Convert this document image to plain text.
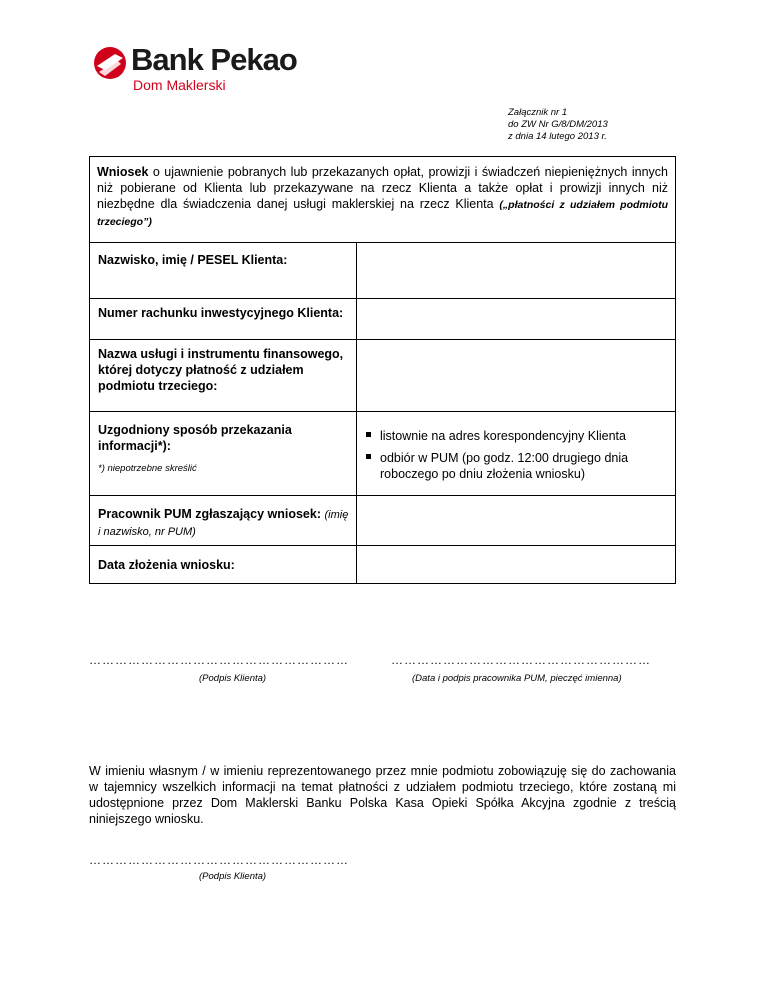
Bank Pekao
Dom Maklerski
Załącznik nr 1
do ZW Nr G/8/DM/2013
z dnia 14 lutego 2013 r.
Wniosek o ujawnienie pobranych lub przekazanych opłat, prowizji i świadczeń niepieniężnych innych niż pobierane od Klienta lub przekazywane na rzecz Klienta a także opłat i prowizji innych niż niezbędne dla świadczenia danej usługi maklerskiej na rzecz Klienta („płatności z udziałem podmiotu trzeciego”)
Nazwisko, imię / PESEL Klienta:
Numer rachunku inwestycyjnego Klienta:
Nazwa usługi i instrumentu finansowego, której dotyczy płatność z udziałem podmiotu trzeciego:
Uzgodniony sposób przekazania informacji*):
*) niepotrzebne skreślić
listownie na adres korespondencyjny Klienta
odbiór w PUM (po godz. 12:00 drugiego dnia roboczego po dniu złożenia wniosku)
Pracownik PUM zgłaszający wniosek: (imię i nazwisko, nr PUM)
Data złożenia wniosku:
……………………………………………………
(Podpis Klienta)
……………………………………………………
(Data i podpis pracownika PUM, pieczęć imienna)
W imieniu własnym / w imieniu reprezentowanego przez mnie podmiotu zobowiązuję się do zachowania w tajemnicy wszelkich informacji na temat płatności z udziałem podmiotu trzeciego, które zostaną mi udostępnione przez Dom Maklerski Banku Polska Kasa Opieki Spółka Akcyjna zgodnie z treścią niniejszego wniosku.
……………………………………………………
(Podpis Klienta)
